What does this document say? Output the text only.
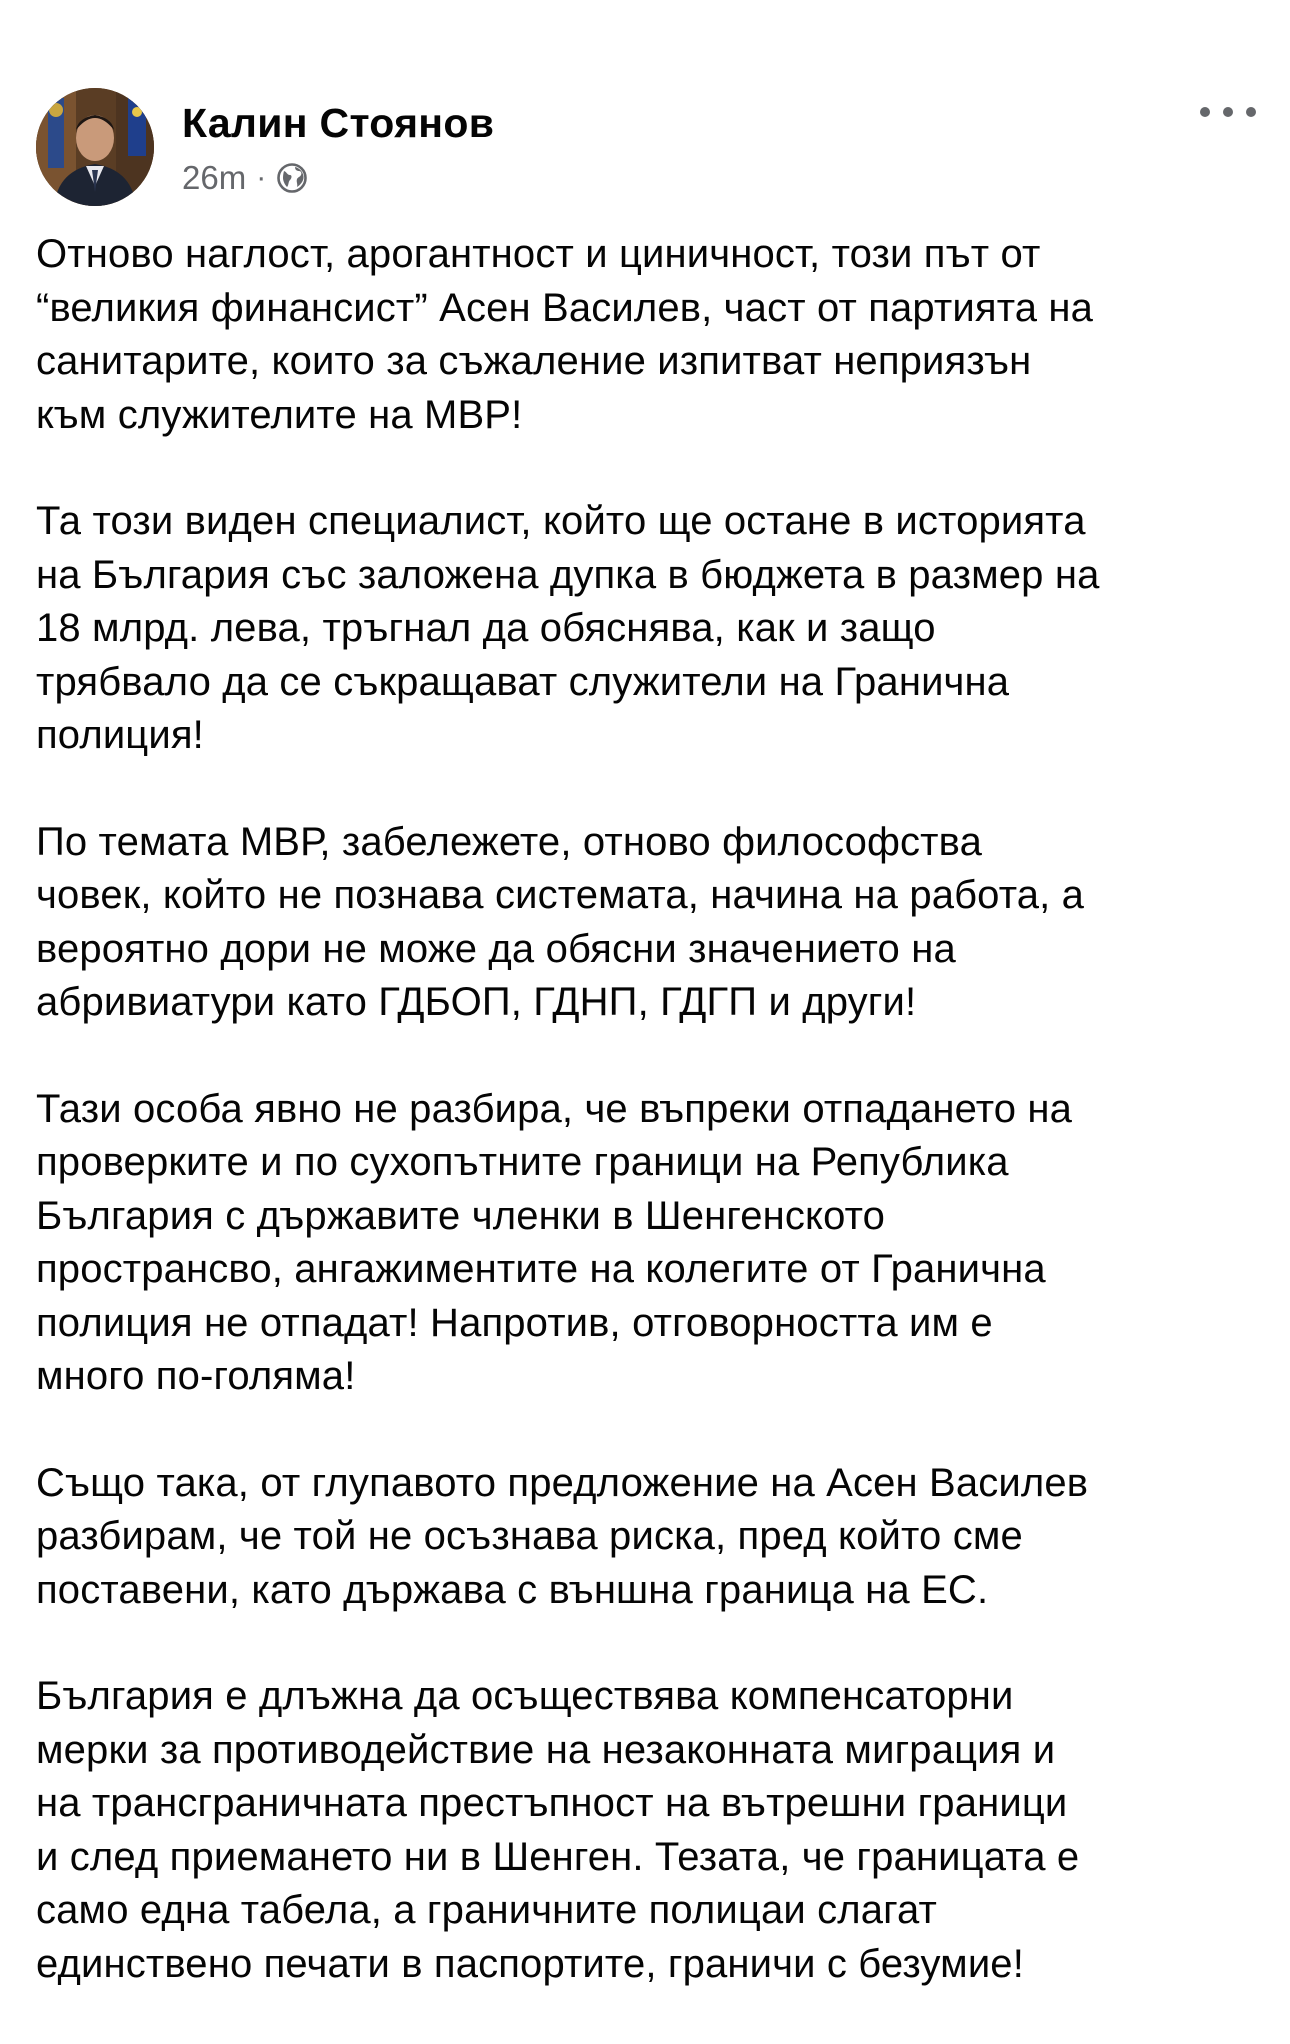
Калин Стоянов
26m ·

Отново наглост, арогантност и циничност, този път от
“великия финансист” Асен Василев, част от партията на
санитарите, които за съжаление изпитват неприязън
към служителите на МВР!

Та този виден специалист, който ще остане в историята
на България със заложена дупка в бюджета в размер на
18 млрд. лева, тръгнал да обяснява, как и защо
трябвало да се съкращават служители на Гранична
полиция!

По темата МВР, забележете, отново философства
човек, който не познава системата, начина на работа, а
вероятно дори не може да обясни значението на
абривиатури като ГДБОП, ГДНП, ГДГП и други!

Тази особа явно не разбира, че въпреки отпадането на
проверките и по сухопътните граници на Република
България с държавите членки в Шенгенското
пространсво, ангажиментите на колегите от Гранична
полиция не отпадат! Напротив, отговорността им е
много по-голяма!

Също така, от глупавото предложение на Асен Василев
разбирам, че той не осъзнава риска, пред който сме
поставени, като държава с външна граница на ЕС.

България е длъжна да осъществява компенсаторни
мерки за противодействие на незаконната миграция и
на трансграничната престъпност на вътрешни граници
и след приемането ни в Шенген. Тезата, че границата е
само една табела, а граничните полицаи слагат
единствено печати в паспортите, граничи с безумие!
